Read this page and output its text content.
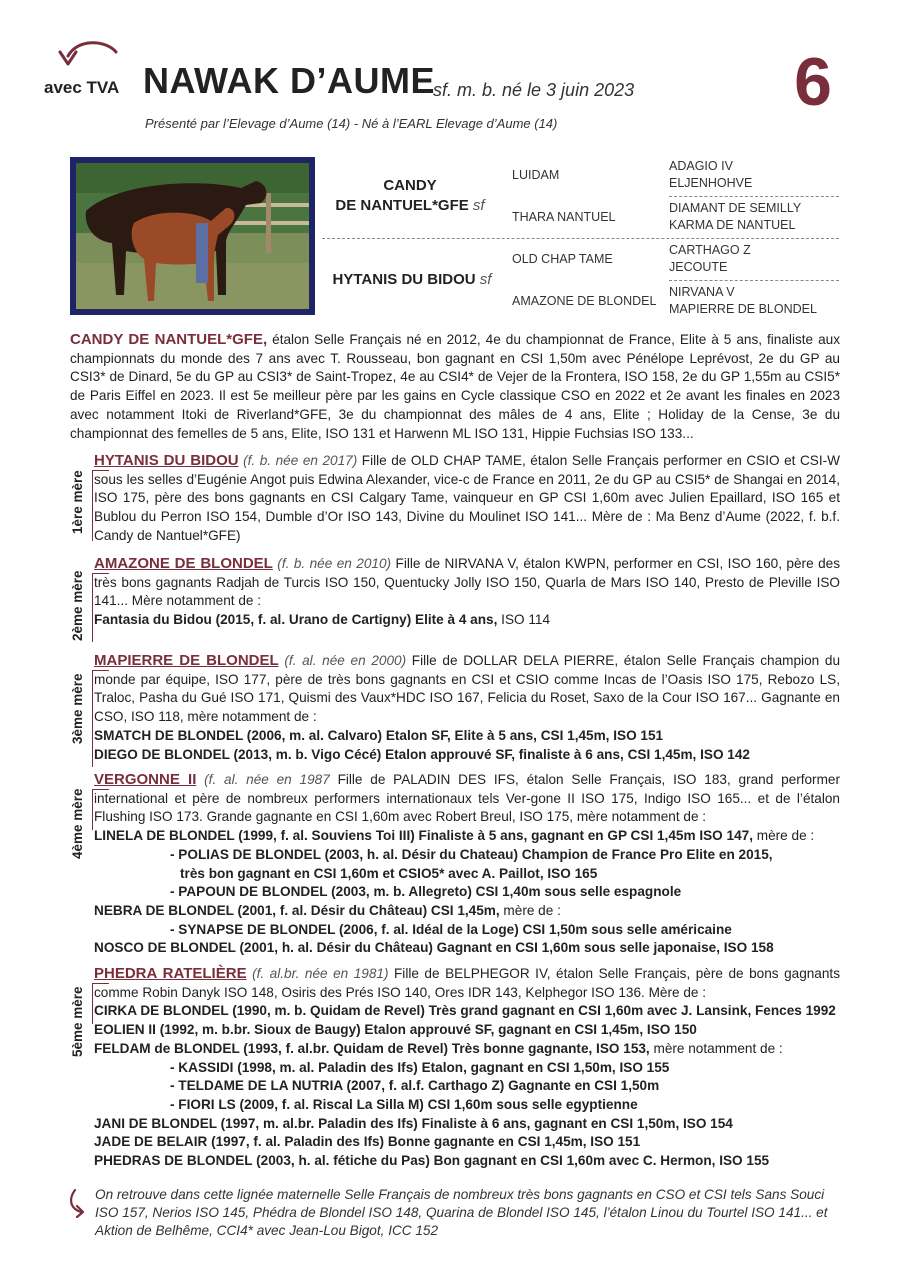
avec TVA NAWAK D’AUME
sf. m. b. né le 3 juin 2023 6
Présenté par l’Elevage d’Aume (14) - Né à l’EARL Elevage d’Aume (14)
CANDY
DE NANTUEL*GFE sf
HYTANIS DU BIDOU sf
LUIDAM
THARA NANTUEL
OLD CHAP TAME
AMAZONE DE BLONDEL
ADAGIO IV
ELJENHOHVE
DIAMANT DE SEMILLY
KARMA DE NANTUEL
CARTHAGO Z
JECOUTE
NIRVANA V
MAPIERRE DE BLONDEL
CANDY DE NANTUEL*GFE, étalon Selle Français né en 2012, 4e du championnat de France, Elite à 5 ans, finaliste aux championnats du monde des 7 ans avec T. Rousseau, bon gagnant en CSI 1,50m avec Pénélope Leprévost, 2e du GP au CSI3* de Dinard, 5e du GP au CSI3* de Saint-Tropez, 4e au CSI4* de Vejer de la Frontera, ISO 158, 2e du GP 1,55m au CSI5* de Paris Eiffel en 2023. Il est 5e meilleur père par les gains en Cycle classique CSO en 2022 et 2e avant les finales en 2023 avec notamment Itoki de Riverland*GFE, 3e du championnat des mâles de 4 ans, Elite ; Holiday de la Cense, 3e du championnat des femelles de 5 ans, Elite, ISO 131 et Harwenn ML ISO 131, Hippie Fuchsias ISO 133...
1ère mère
HYTANIS DU BIDOU (f. b. née en 2017) Fille de OLD CHAP TAME, étalon Selle Français performer en CSIO et CSI-W sous les selles d’Eugénie Angot puis Edwina Alexander, vice-c de France en 2011, 2e du GP au CSI5* de Shangai en 2014, ISO 175, père des bons gagnants en CSI Calgary Tame, vainqueur en GP CSI 1,60m avec Julien Epaillard, ISO 165 et Bublou du Perron ISO 154, Dumble d’Or ISO 143, Divine du Moulinet ISO 141... Mère de : Ma Benz d’Aume (2022, f. b.f. Candy de Nantuel*GFE)
2ème mère
AMAZONE DE BLONDEL (f. b. née en 2010) Fille de NIRVANA V, étalon KWPN, performer en CSI, ISO 160, père des très bons gagnants Radjah de Turcis ISO 150, Quentucky Jolly ISO 150, Quarla de Mars ISO 140, Presto de Pleville ISO 141... Mère notamment de :
Fantasia du Bidou (2015, f. al. Urano de Cartigny) Elite à 4 ans, ISO 114
3ème mère
MAPIERRE DE BLONDEL (f. al. née en 2000) Fille de DOLLAR DELA PIERRE, étalon Selle Français champion du monde par équipe, ISO 177, père de très bons gagnants en CSI et CSIO comme Incas de l’Oasis ISO 175, Rebozo LS, Traloc, Pasha du Gué ISO 171, Quismi des Vaux*HDC ISO 167, Felicia du Roset, Saxo de la Cour ISO 167... Gagnante en CSO, ISO 118, mère notamment de :
SMATCH DE BLONDEL (2006, m. al. Calvaro) Etalon SF, Elite à 5 ans, CSI 1,45m, ISO 151
DIEGO DE BLONDEL (2013, m. b. Vigo Cécé) Etalon approuvé SF, finaliste à 6 ans, CSI 1,45m, ISO 142
4ème mère
VERGONNE II (f. al. née en 1987 Fille de PALADIN DES IFS, étalon Selle Français, ISO 183, grand performer international et père de nombreux performers internationaux tels Ver-gone II ISO 175, Indigo ISO 165... et de l’étalon Flushing ISO 173. Grande gagnante en CSI 1,60m avec Robert Breul, ISO 175, mère notamment de :
LINELA DE BLONDEL (1999, f. al. Souviens Toi III) Finaliste à 5 ans, gagnant en GP CSI 1,45m ISO 147, mère de :
- POLIAS DE BLONDEL (2003, h. al. Désir du Chateau) Champion de France Pro Elite en 2015,
très bon gagnant en CSI 1,60m et CSIO5* avec A. Paillot, ISO 165
- PAPOUN DE BLONDEL (2003, m. b. Allegreto) CSI 1,40m sous selle espagnole
NEBRA DE BLONDEL (2001, f. al. Désir du Château) CSI 1,45m, mère de :
- SYNAPSE DE BLONDEL (2006, f. al. Idéal de la Loge) CSI 1,50m sous selle américaine
NOSCO DE BLONDEL (2001, h. al. Désir du Château) Gagnant en CSI 1,60m sous selle japonaise, ISO 158
5ème mère
PHEDRA RATELIÈRE (f. al.br. née en 1981) Fille de BELPHEGOR IV, étalon Selle Français, père de bons gagnants comme Robin Danyk ISO 148, Osiris des Prés ISO 140, Ores IDR 143, Kelphegor ISO 136. Mère de :
CIRKA DE BLONDEL (1990, m. b. Quidam de Revel) Très grand gagnant en CSI 1,60m avec J. Lansink, Fences 1992
EOLIEN II (1992, m. b.br. Sioux de Baugy) Etalon approuvé SF, gagnant en CSI 1,45m, ISO 150
FELDAM de BLONDEL (1993, f. al.br. Quidam de Revel) Très bonne gagnante, ISO 153, mère notamment de :
- KASSIDI (1998, m. al. Paladin des Ifs) Etalon, gagnant en CSI 1,50m, ISO 155
- TELDAME DE LA NUTRIA (2007, f. al.f. Carthago Z) Gagnante en CSI 1,50m
- FIORI LS (2009, f. al. Riscal La Silla M) CSI 1,60m sous selle egyptienne
JANI DE BLONDEL (1997, m. al.br. Paladin des Ifs) Finaliste à 6 ans, gagnant en CSI 1,50m, ISO 154
JADE DE BELAIR (1997, f. al. Paladin des Ifs) Bonne gagnante en CSI 1,45m, ISO 151
PHEDRAS DE BLONDEL (2003, h. al. fétiche du Pas) Bon gagnant en CSI 1,60m avec C. Hermon, ISO 155
On retrouve dans cette lignée maternelle Selle Français de nombreux très bons gagnants en CSO et CSI tels Sans Souci ISO 157, Nerios ISO 145, Phédra de Blondel ISO 148, Quarina de Blondel ISO 145, l’étalon Linou du Tourtel ISO 141... et Aktion de Belhême, CCI4* avec Jean-Lou Bigot, ICC 152
